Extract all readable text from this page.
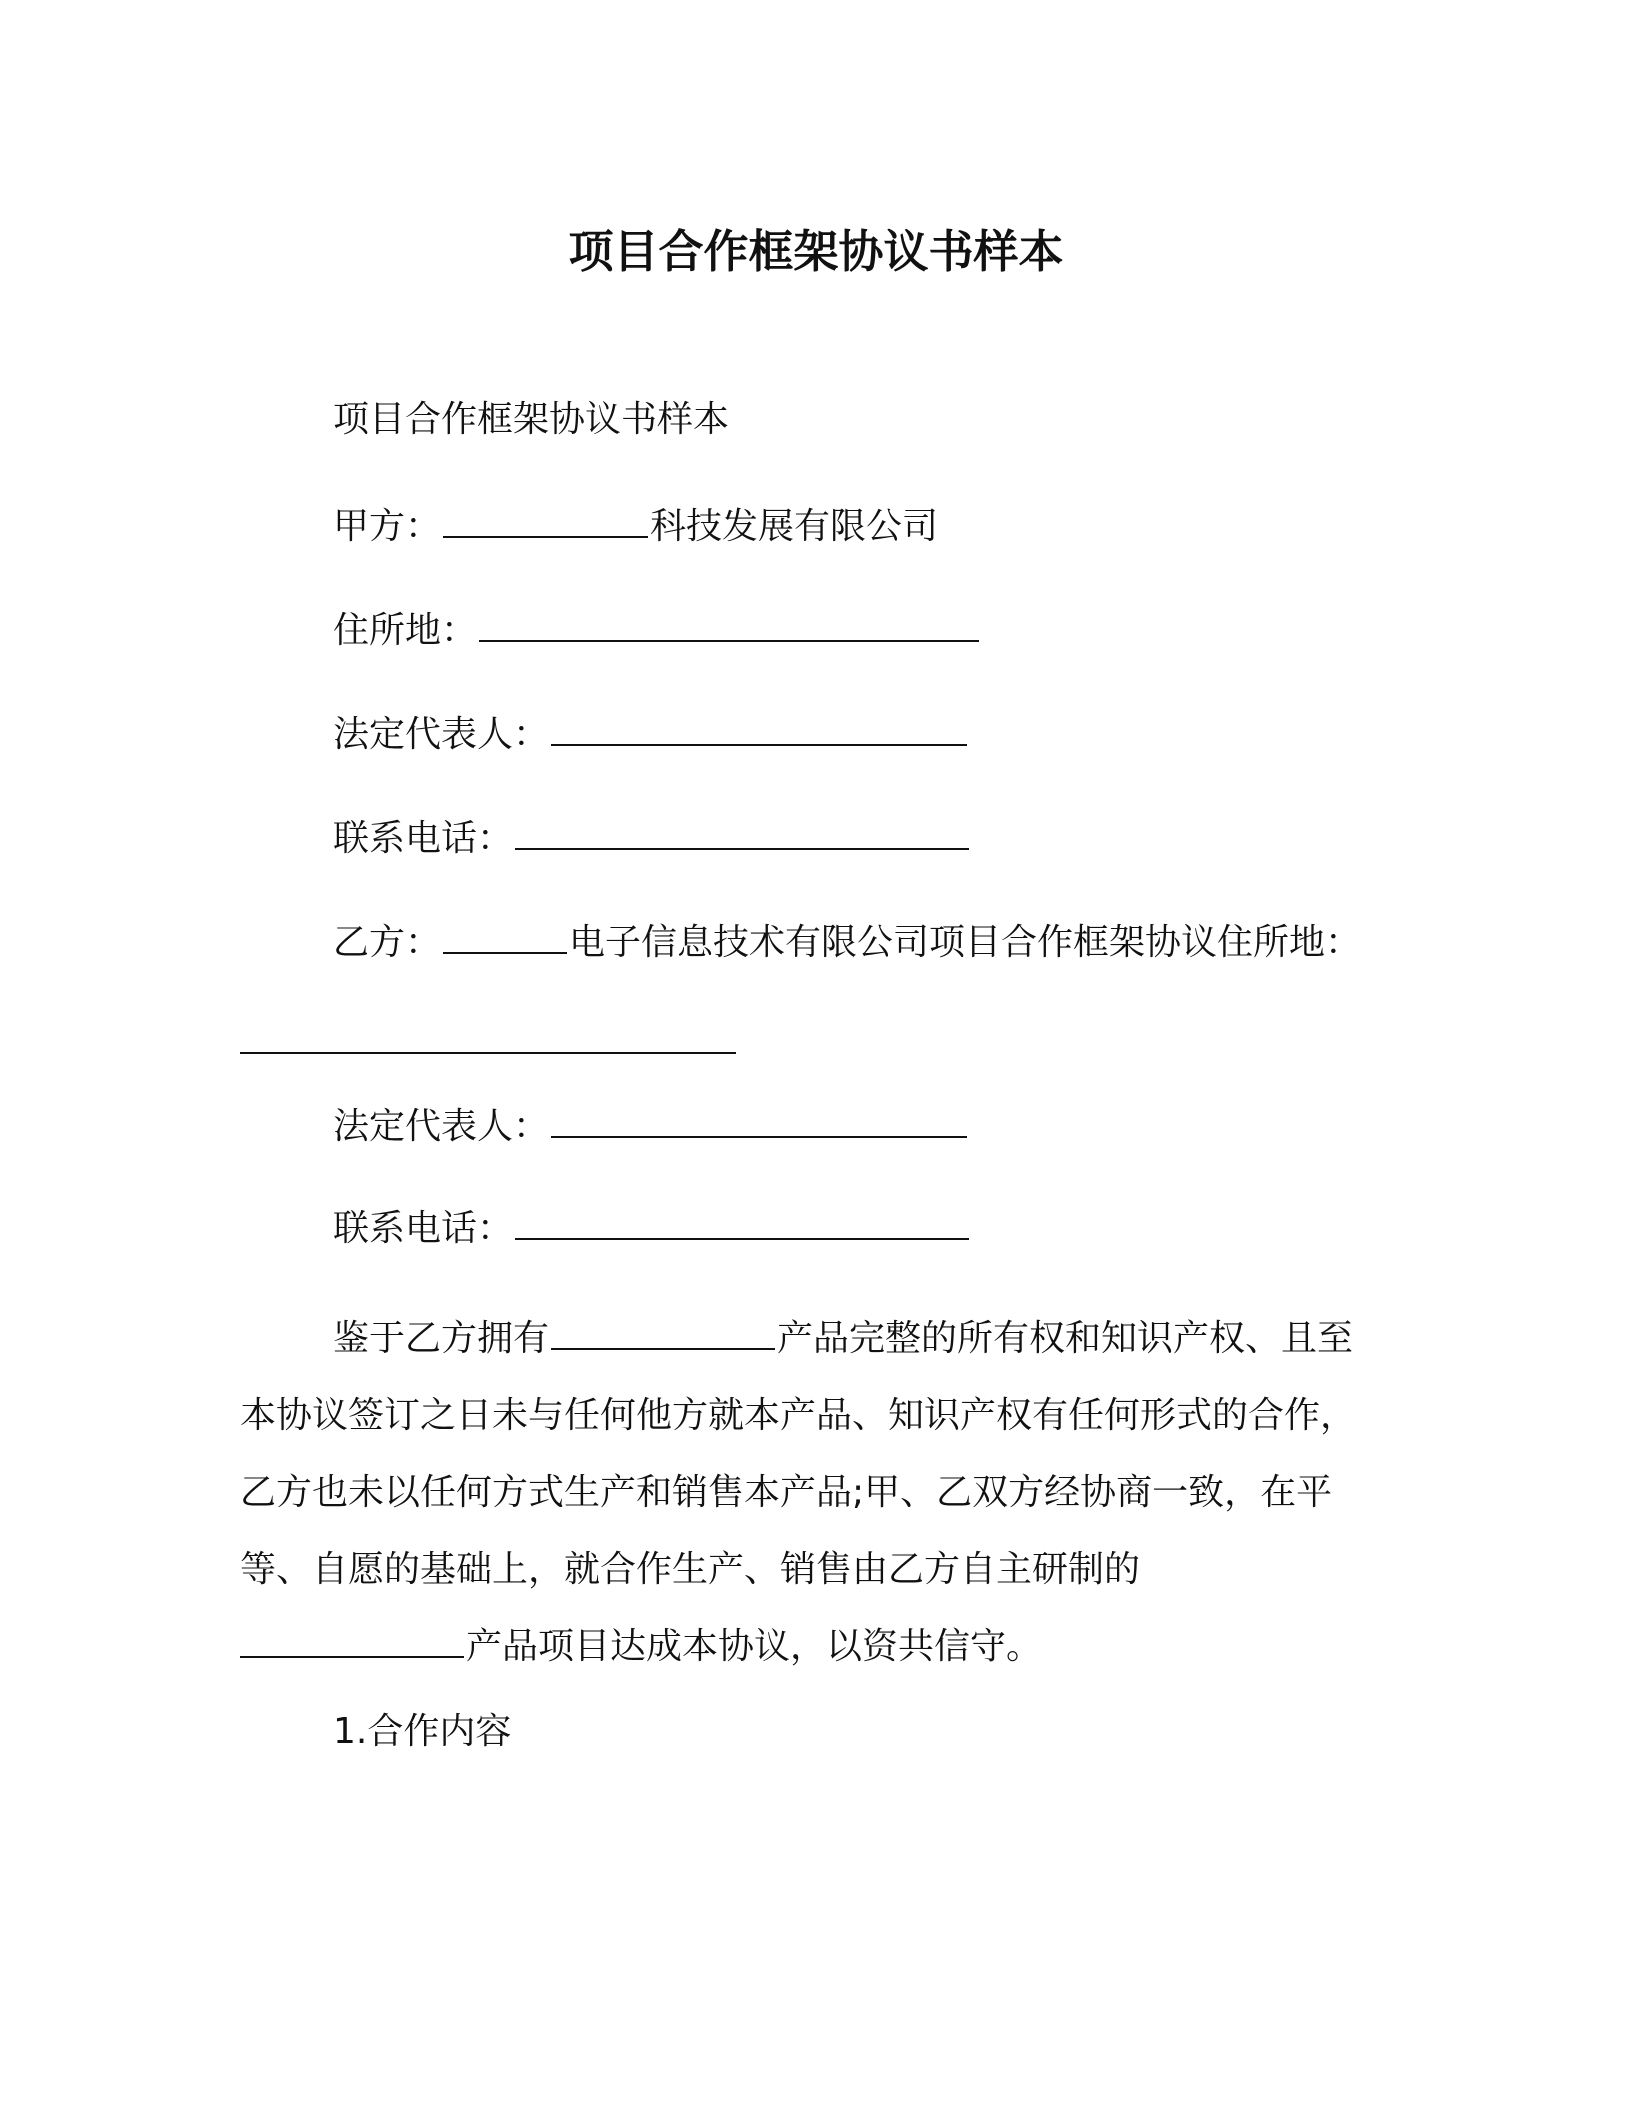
项目合作框架协议书样本
项目合作框架协议书样本
甲方：	科技发展有限公司
住所地：
法定代表人：
联系电话：
乙方：	电子信息技术有限公司项目合作框架协议住所地：
法定代表人：
联系电话：
鉴于乙方拥有	产品完整的所有权和知识产权、且至
本协议签订之日未与任何他方就本产品、知识产权有任何形式的合作，
乙方也未以任何方式生产和销售本产品;甲、乙双方经协商一致，在平
等、自愿的基础上，就合作生产、销售由乙方自主研制的
产品项目达成本协议，以资共信守。
1.合作内容
